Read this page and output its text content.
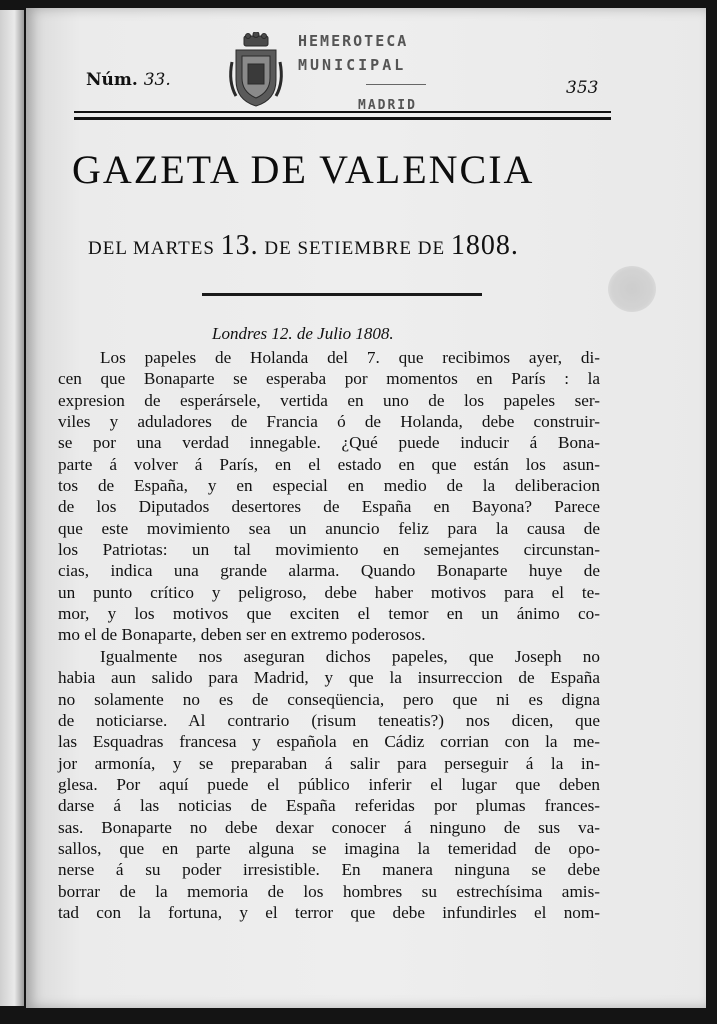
HEMEROTECA
MUNICIPAL
MADRID
Núm. 33.	353
GAZETA DE VALENCIA
DEL MARTES 13. DE SETIEMBRE DE 1808.
Londres 12. de Julio 1808.
Los papeles de Holanda del 7. que recibimos ayer, di-
cen que Bonaparte se esperaba por momentos en París : la
expresion de esperársele, vertida en uno de los papeles ser-
viles y aduladores de Francia ó de Holanda, debe construir-
se por una verdad innegable. ¿Qué puede inducir á Bona-
parte á volver á París, en el estado en que están los asun-
tos de España, y en especial en medio de la deliberacion
de los Diputados desertores de España en Bayona? Parece
que este movimiento sea un anuncio feliz para la causa de
los Patriotas: un tal movimiento en semejantes circunstan-
cias, indica una grande alarma. Quando Bonaparte huye de
un punto crítico y peligroso, debe haber motivos para el te-
mor, y los motivos que exciten el temor en un ánimo co-
mo el de Bonaparte, deben ser en extremo poderosos.
Igualmente nos aseguran dichos papeles, que Joseph no
habia aun salido para Madrid, y que la insurreccion de España
no solamente no es de conseqüencia, pero que ni es digna
de noticiarse. Al contrario (risum teneatis?) nos dicen, que
las Esquadras francesa y española en Cádiz corrian con la me-
jor armonía, y se preparaban á salir para perseguir á la in-
glesa. Por aquí puede el público inferir el lugar que deben
darse á las noticias de España referidas por plumas frances-
sas. Bonaparte no debe dexar conocer á ninguno de sus va-
sallos, que en parte alguna se imagina la temeridad de opo-
nerse á su poder irresistible. En manera ninguna se debe
borrar de la memoria de los hombres su estrechísima amis-
tad con la fortuna, y el terror que debe infundirles el nom-
